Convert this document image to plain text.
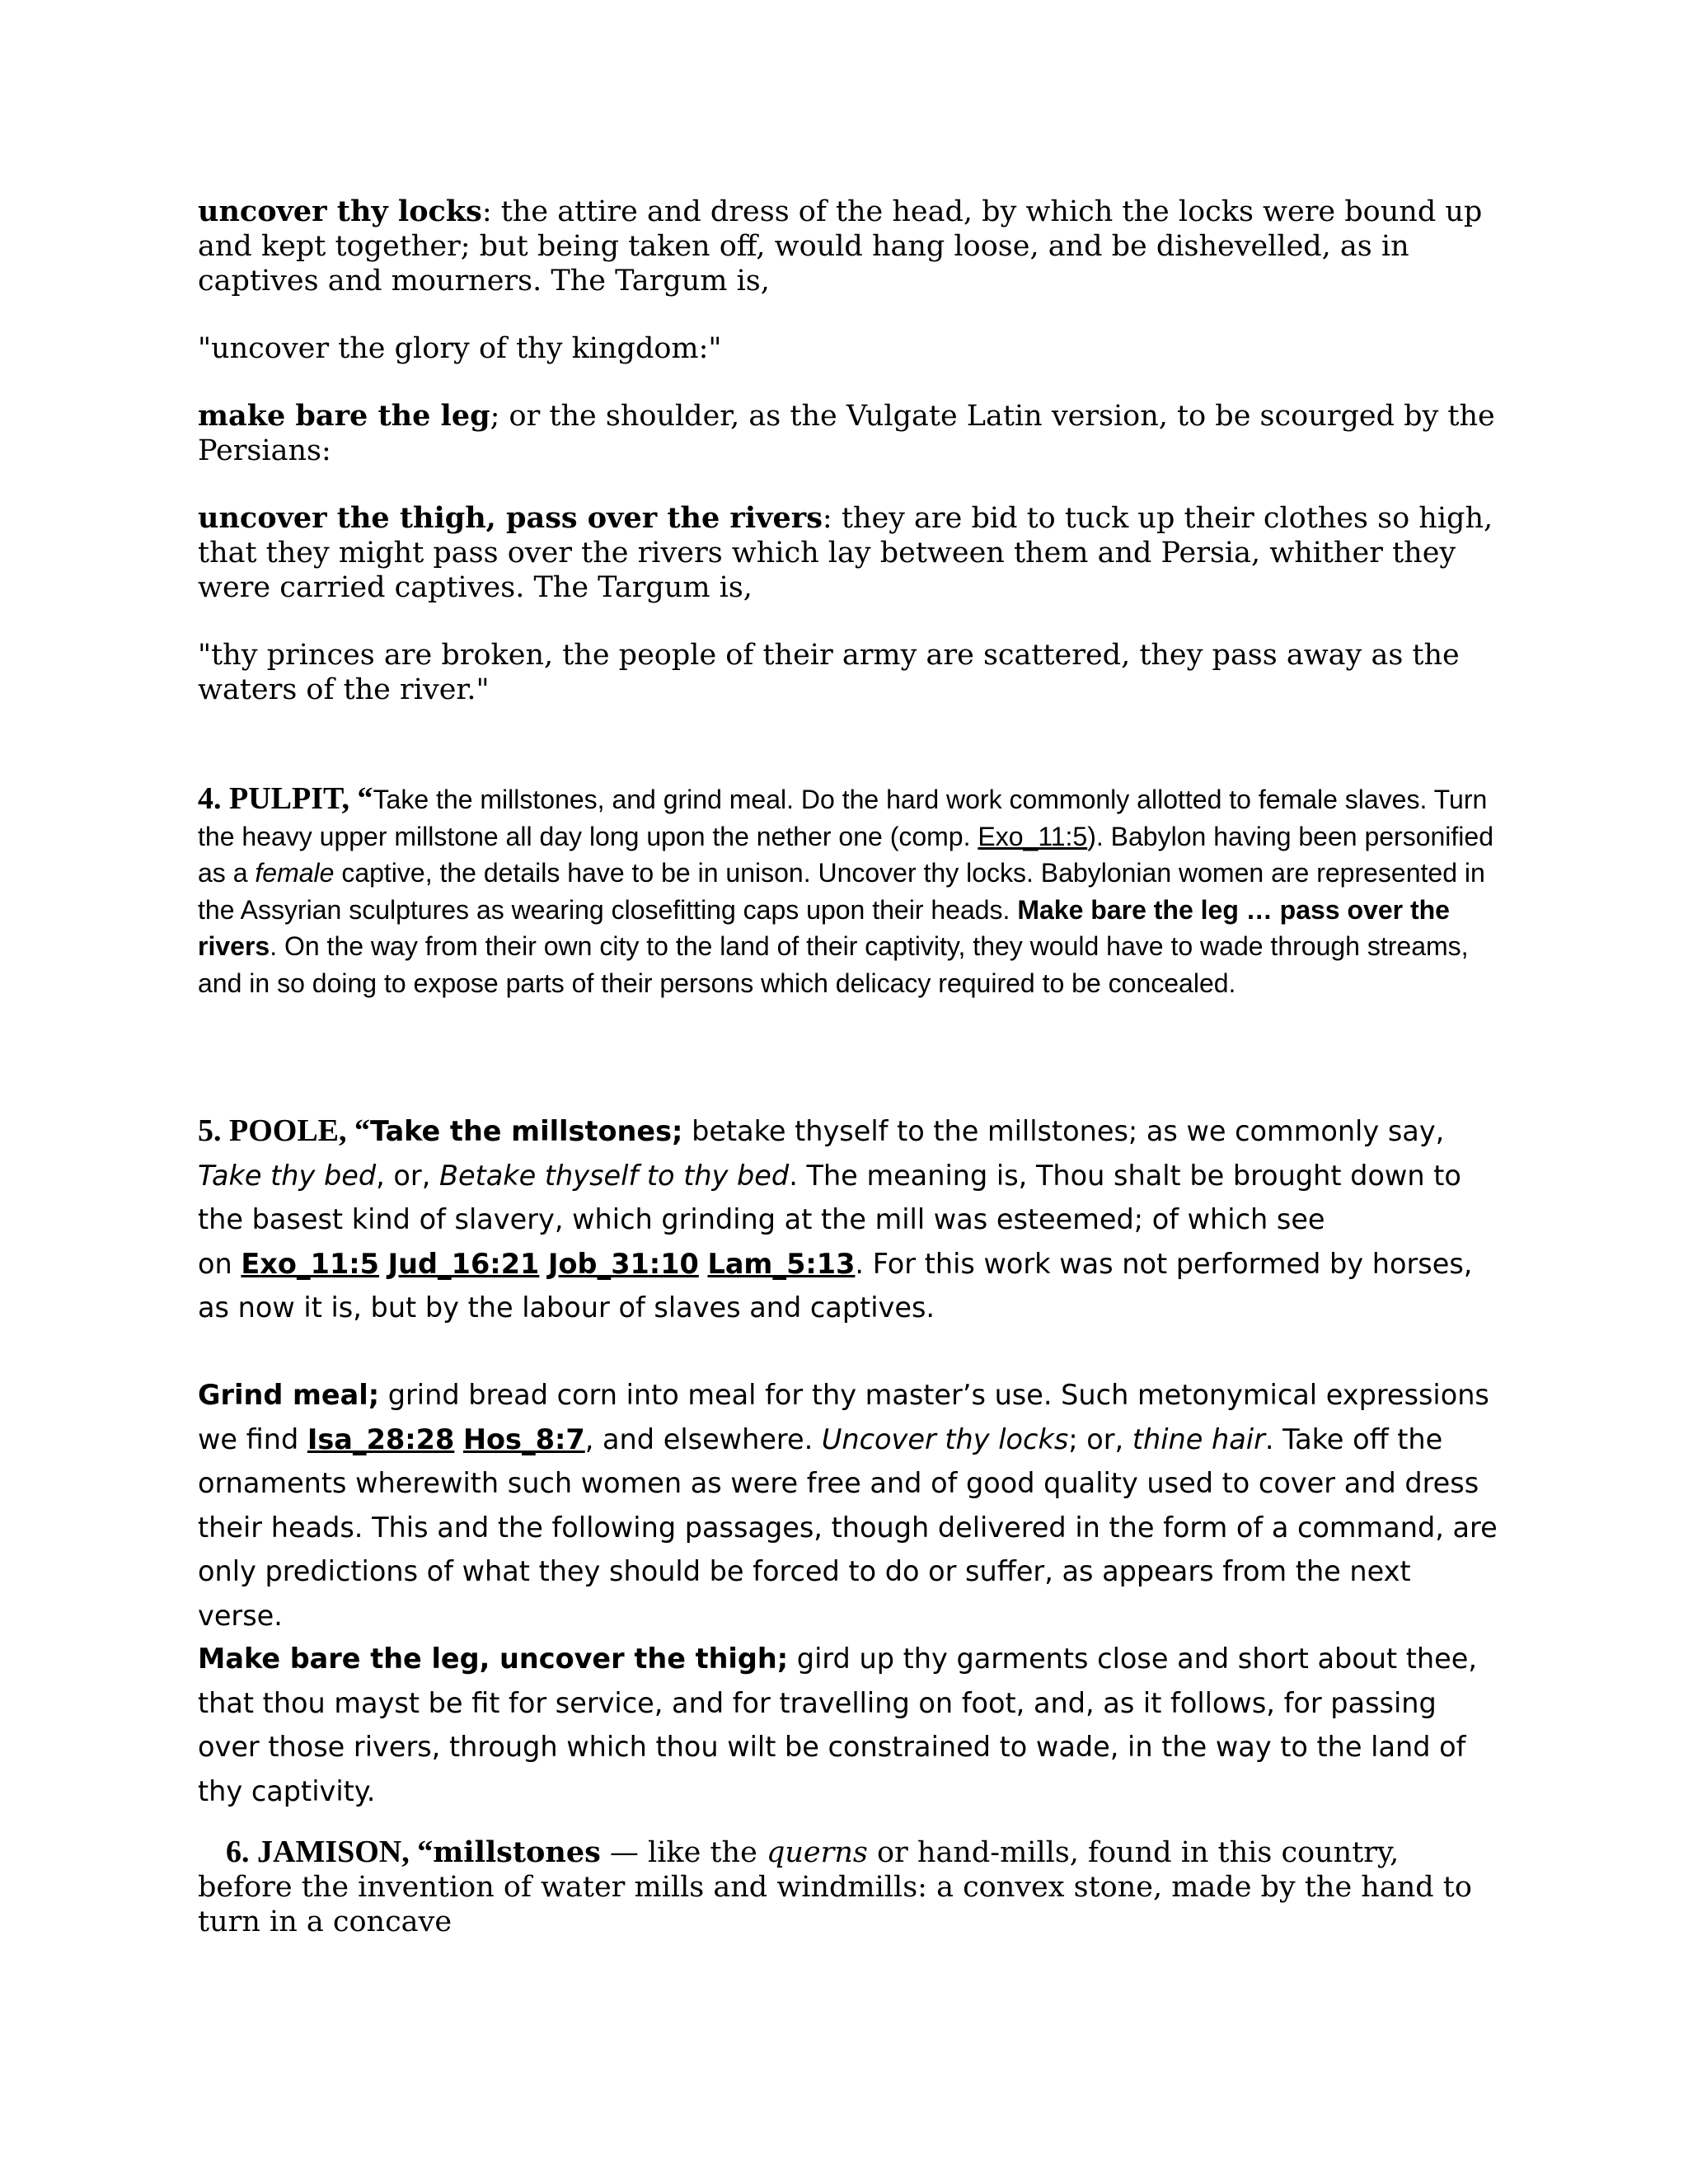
uncover thy locks: the attire and dress of the head, by which the locks were bound up and kept together; but being taken off, would hang loose, and be dishevelled, as in captives and mourners. The Targum is,

"uncover the glory of thy kingdom:"

make bare the leg; or the shoulder, as the Vulgate Latin version, to be scourged by the Persians:

uncover the thigh, pass over the rivers: they are bid to tuck up their clothes so high, that they might pass over the rivers which lay between them and Persia, whither they were carried captives. The Targum is,

"thy princes are broken, the people of their army are scattered, they pass away as the waters of the river."

4. PULPIT, “Take the millstones, and grind meal. Do the hard work commonly allotted to female slaves. Turn the heavy upper millstone all day long upon the nether one (comp. Exo_11:5). Babylon having been personified as a female captive, the details have to be in unison. Uncover thy locks. Babylonian women are represented in the Assyrian sculptures as wearing closefitting caps upon their heads. Make bare the leg … pass over the rivers. On the way from their own city to the land of their captivity, they would have to wade through streams, and in so doing to expose parts of their persons which delicacy required to be concealed.

5. POOLE, “Take the millstones; betake thyself to the millstones; as we commonly say, Take thy bed, or, Betake thyself to thy bed. The meaning is, Thou shalt be brought down to the basest kind of slavery, which grinding at the mill was esteemed; of which see
on Exo_11:5 Jud_16:21 Job_31:10 Lam_5:13. For this work was not performed by horses, as now it is, but by the labour of slaves and captives.

Grind meal; grind bread corn into meal for thy master’s use. Such metonymical expressions we find Isa_28:28 Hos_8:7, and elsewhere. Uncover thy locks; or, thine hair. Take off the ornaments wherewith such women as were free and of good quality used to cover and dress their heads. This and the following passages, though delivered in the form of a command, are only predictions of what they should be forced to do or suffer, as appears from the next verse.

Make bare the leg, uncover the thigh; gird up thy garments close and short about thee, that thou mayst be fit for service, and for travelling on foot, and, as it follows, for passing over those rivers, through which thou wilt be constrained to wade, in the way to the land of thy captivity.

6. JAMISON, “millstones — like the querns or hand-mills, found in this country, before the invention of water mills and windmills: a convex stone, made by the hand to turn in a concave
